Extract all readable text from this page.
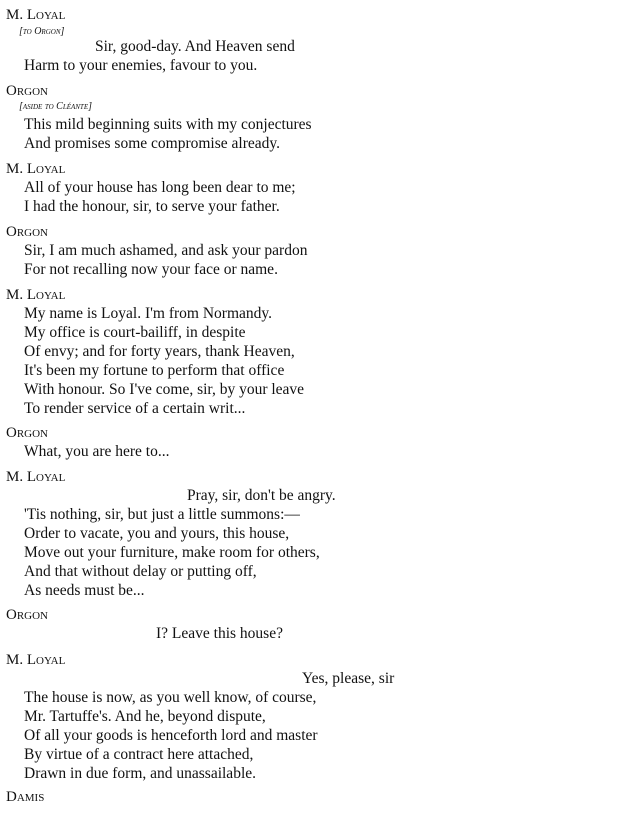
M. Loyal
[to Orgon]
Sir, good-day. And Heaven send
Harm to your enemies, favour to you.
Orgon
[aside to Cléante]
This mild beginning suits with my conjectures
And promises some compromise already.
M. Loyal
All of your house has long been dear to me;
I had the honour, sir, to serve your father.
Orgon
Sir, I am much ashamed, and ask your pardon
For not recalling now your face or name.
M. Loyal
My name is Loyal. I'm from Normandy.
My office is court-bailiff, in despite
Of envy; and for forty years, thank Heaven,
It's been my fortune to perform that office
With honour. So I've come, sir, by your leave
To render service of a certain writ...
Orgon
What, you are here to...
M. Loyal
Pray, sir, don't be angry.
'Tis nothing, sir, but just a little summons:—
Order to vacate, you and yours, this house,
Move out your furniture, make room for others,
And that without delay or putting off,
As needs must be...
Orgon
I? Leave this house?
M. Loyal
Yes, please, sir
The house is now, as you well know, of course,
Mr. Tartuffe's. And he, beyond dispute,
Of all your goods is henceforth lord and master
By virtue of a contract here attached,
Drawn in due form, and unassailable.
Damis
